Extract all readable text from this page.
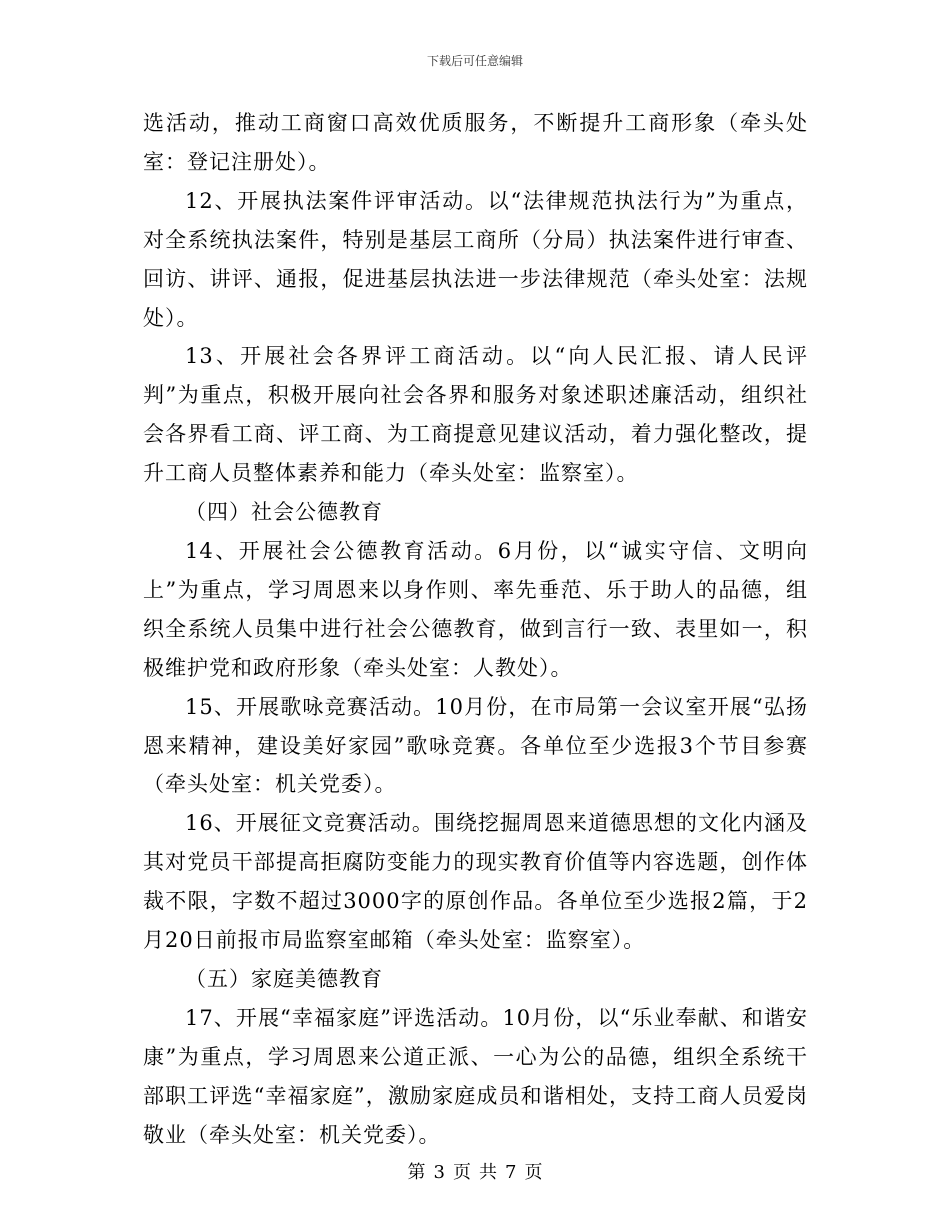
下载后可任意编辑

选活动，推动工商窗口高效优质服务，不断提升工商形象（牵头处室：登记注册处）。

12、开展执法案件评审活动。以“法律规范执法行为”为重点，对全系统执法案件，特别是基层工商所（分局）执法案件进行审查、回访、讲评、通报，促进基层执法进一步法律规范（牵头处室：法规处）。

13、开展社会各界评工商活动。以“向人民汇报、请人民评判”为重点，积极开展向社会各界和服务对象述职述廉活动，组织社会各界看工商、评工商、为工商提意见建议活动，着力强化整改，提升工商人员整体素养和能力（牵头处室：监察室）。

（四）社会公德教育

14、开展社会公德教育活动。6月份，以“诚实守信、文明向上”为重点，学习周恩来以身作则、率先垂范、乐于助人的品德，组织全系统人员集中进行社会公德教育，做到言行一致、表里如一，积极维护党和政府形象（牵头处室：人教处）。

15、开展歌咏竞赛活动。10月份，在市局第一会议室开展“弘扬恩来精神，建设美好家园”歌咏竞赛。各单位至少选报3个节目参赛（牵头处室：机关党委）。

16、开展征文竞赛活动。围绕挖掘周恩来道德思想的文化内涵及其对党员干部提高拒腐防变能力的现实教育价值等内容选题，创作体裁不限，字数不超过3000字的原创作品。各单位至少选报2篇，于2月20日前报市局监察室邮箱（牵头处室：监察室）。

（五）家庭美德教育

17、开展“幸福家庭”评选活动。10月份，以“乐业奉献、和谐安康”为重点，学习周恩来公道正派、一心为公的品德，组织全系统干部职工评选“幸福家庭”，激励家庭成员和谐相处，支持工商人员爱岗敬业（牵头处室：机关党委）。

第 3 页 共 7 页
